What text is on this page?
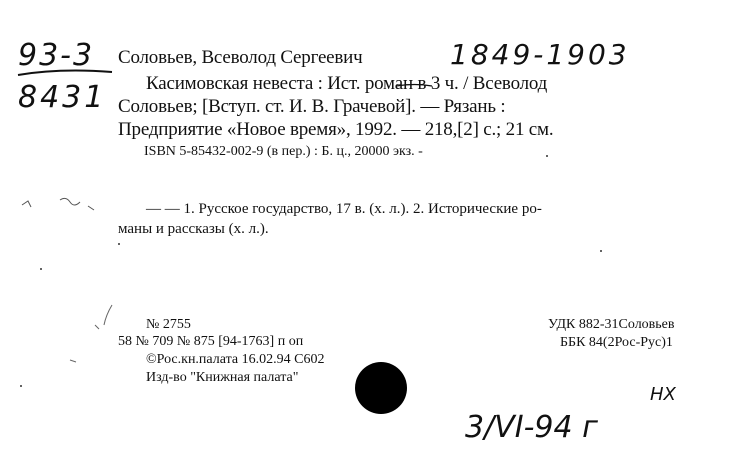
93-3
8431
Соловьев, Всеволод Сергеевич	1849-1903
Касимовская невеста : Ист. роман в 3 ч. / Всеволод
Соловьев; [Вступ. ст. И. В. Грачевой]. — Рязань :
Предприятие «Новое время», 1992. — 218,[2] с.; 21 см.
ISBN 5-85432-002-9 (в пер.) : Б. ц., 20000 экз. -
— — 1. Русское государство, 17 в. (х. л.). 2. Исторические ро-
маны и рассказы (х. л.).
№ 2755
58 № 709 № 875 [94-1763] п оп
©Рос.кн.палата 16.02.94 С602
Изд-во "Книжная палата"
УДК 882-31Соловьев
ББК 84(2Рос-Рус)1
НХ
3/VI-94 г
